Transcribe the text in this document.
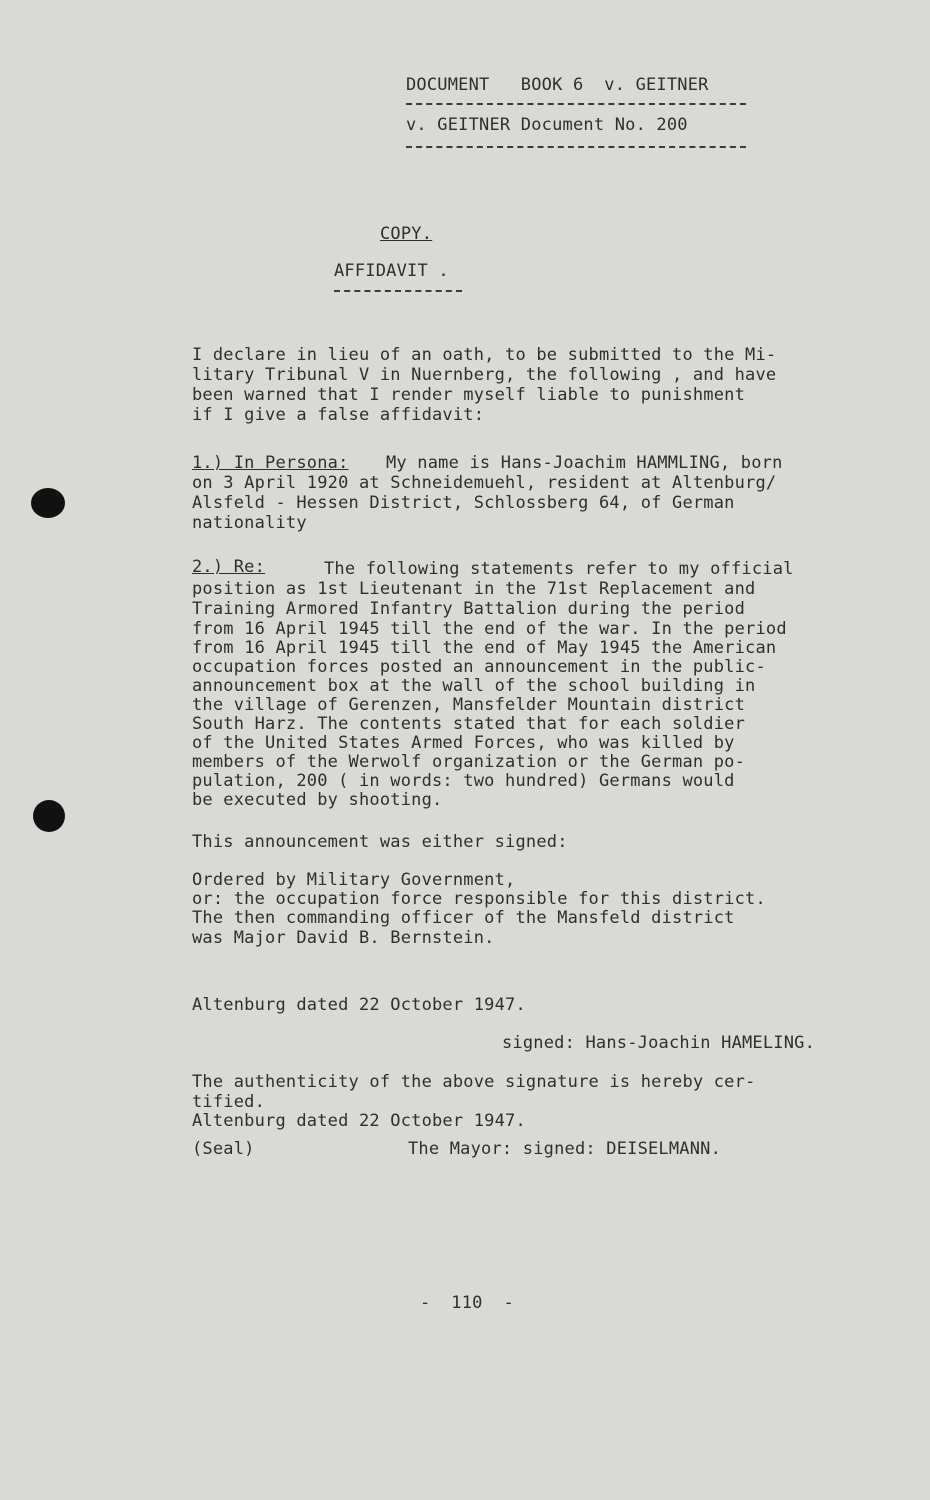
DOCUMENT   BOOK 6  v. GEITNER
v. GEITNER Document No. 200
COPY.
AFFIDAVIT .
I declare in lieu of an oath, to be submitted to the Mi-
litary Tribunal V in Nuernberg, the following , and have
been warned that I render myself liable to punishment
if I give a false affidavit:
1.) In Persona: My name is Hans-Joachim HAMMLING, born
on 3 April 1920 at Schneidemuehl, resident at Altenburg/
Alsfeld - Hessen District, Schlossberg 64, of German
nationality
2.) Re:	The following statements refer to my official
position as 1st Lieutenant in the 71st Replacement and
Training Armored Infantry Battalion during the period
from 16 April 1945 till the end of the war. In the period
from 16 April 1945 till the end of May 1945 the American
occupation forces posted an announcement in the public-
announcement box at the wall of the school building in
the village of Gerenzen, Mansfelder Mountain district
South Harz. The contents stated that for each soldier
of the United States Armed Forces, who was killed by
members of the Werwolf organization or the German po-
pulation, 200 ( in words: two hundred) Germans would
be executed by shooting.
This announcement was either signed:
Ordered by Military Government,
or: the occupation force responsible for this district.
The then commanding officer of the Mansfeld district
was Major David B. Bernstein.
Altenburg dated 22 October 1947.
signed: Hans-Joachin HAMELING.
The authenticity of the above signature is hereby cer-
tified.
Altenburg dated 22 October 1947.
(Seal)	The Mayor: signed: DEISELMANN.
-  110  -
